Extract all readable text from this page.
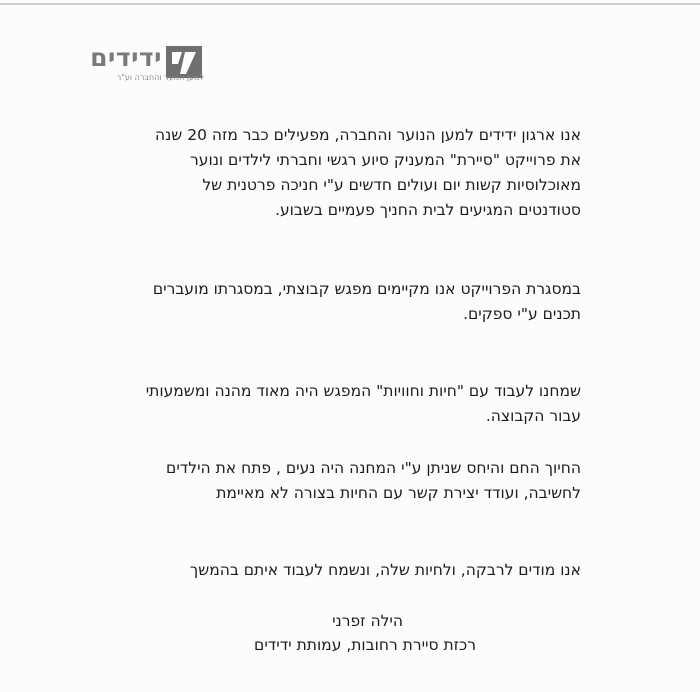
ידידים
למען הנוער והחברה וע"ר
אנו ארגון ידידים למען הנוער והחברה, מפעילים כבר מזה 20 שנה
את פרוייקט "סיירת" המעניק סיוע רגשי וחברתי לילדים ונוער
מאוכלוסיות קשות יום ועולים חדשים ע"י חניכה פרטנית של
סטודנטים המגיעים לבית החניך פעמיים בשבוע.
במסגרת הפרוייקט אנו מקיימים מפגש קבוצתי, במסגרתו מועברים
תכנים ע"י ספקים.
שמחנו לעבוד עם "חיות וחוויות" המפגש היה מאוד מהנה ומשמעותי
עבור הקבוצה.
החיוך החם והיחס שניתן ע"י המחנה היה נעים , פתח את הילדים
לחשיבה, ועודד יצירת קשר עם החיות בצורה לא מאיימת
אנו מודים לרבקה, ולחיות שלה, ונשמח לעבוד איתם בהמשך
הילה זפרני
רכזת סיירת רחובות, עמותת ידידים
